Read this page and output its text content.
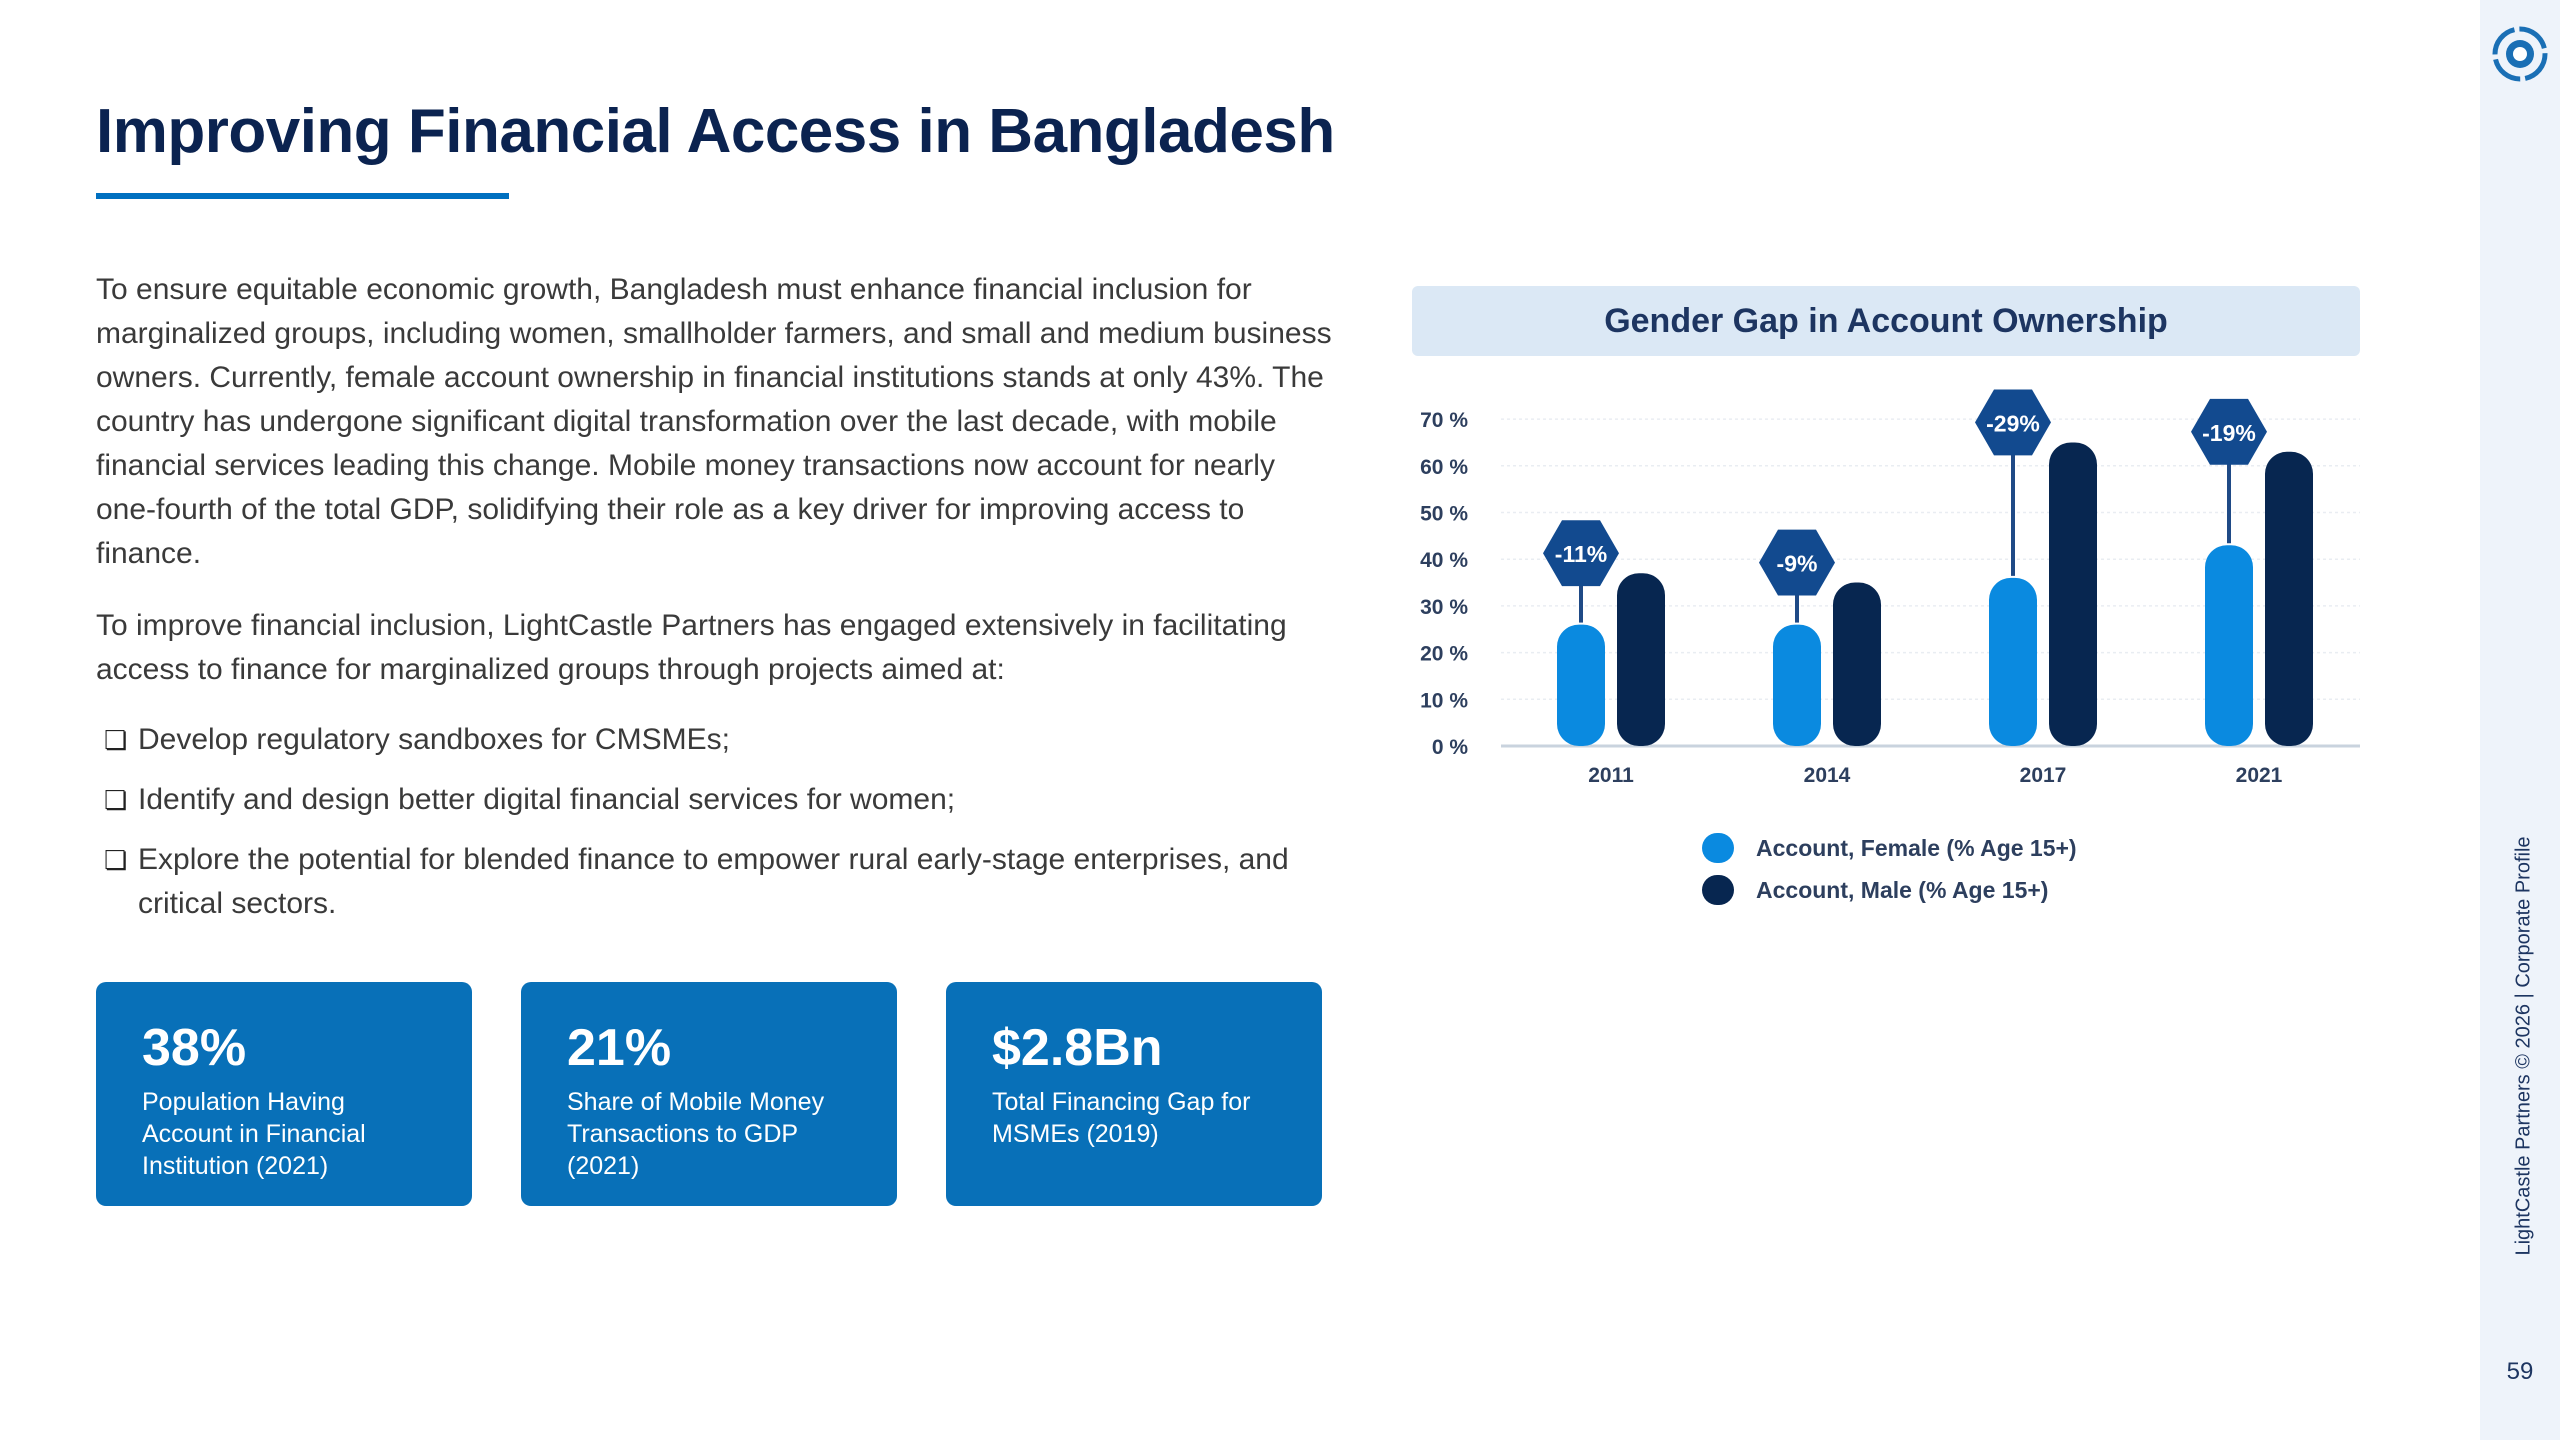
Improving Financial Access in Bangladesh
To ensure equitable economic growth, Bangladesh must enhance financial inclusion for marginalized groups, including women, smallholder farmers, and small and medium business owners. Currently, female account ownership in financial institutions stands at only 43%. The country has undergone significant digital transformation over the last decade, with mobile financial services leading this change. Mobile money transactions now account for nearly one-fourth of the total GDP, solidifying their role as a key driver for improving access to finance.
To improve financial inclusion, LightCastle Partners has engaged extensively in facilitating access to finance for marginalized groups through projects aimed at:
❏ Develop regulatory sandboxes for CMSMEs;
❏ Identify and design better digital financial services for women;
❏ Explore the potential for blended finance to empower rural early-stage enterprises, and critical sectors.
38%
Population Having Account in Financial Institution (2021)
21%
Share of Mobile Money Transactions to GDP (2021)
$2.8Bn
Total Financing Gap for MSMEs (2019)
Gender Gap in Account Ownership
0 %
10 %
20 %
30 %
40 %
50 %
60 %
70 %
-11%
2011
-9%
2014
-29%
2017
-19%
2021
Account, Female (% Age 15+)
Account, Male (% Age 15+)	LightCastle Partners © 2026 | Corporate Profile
59
